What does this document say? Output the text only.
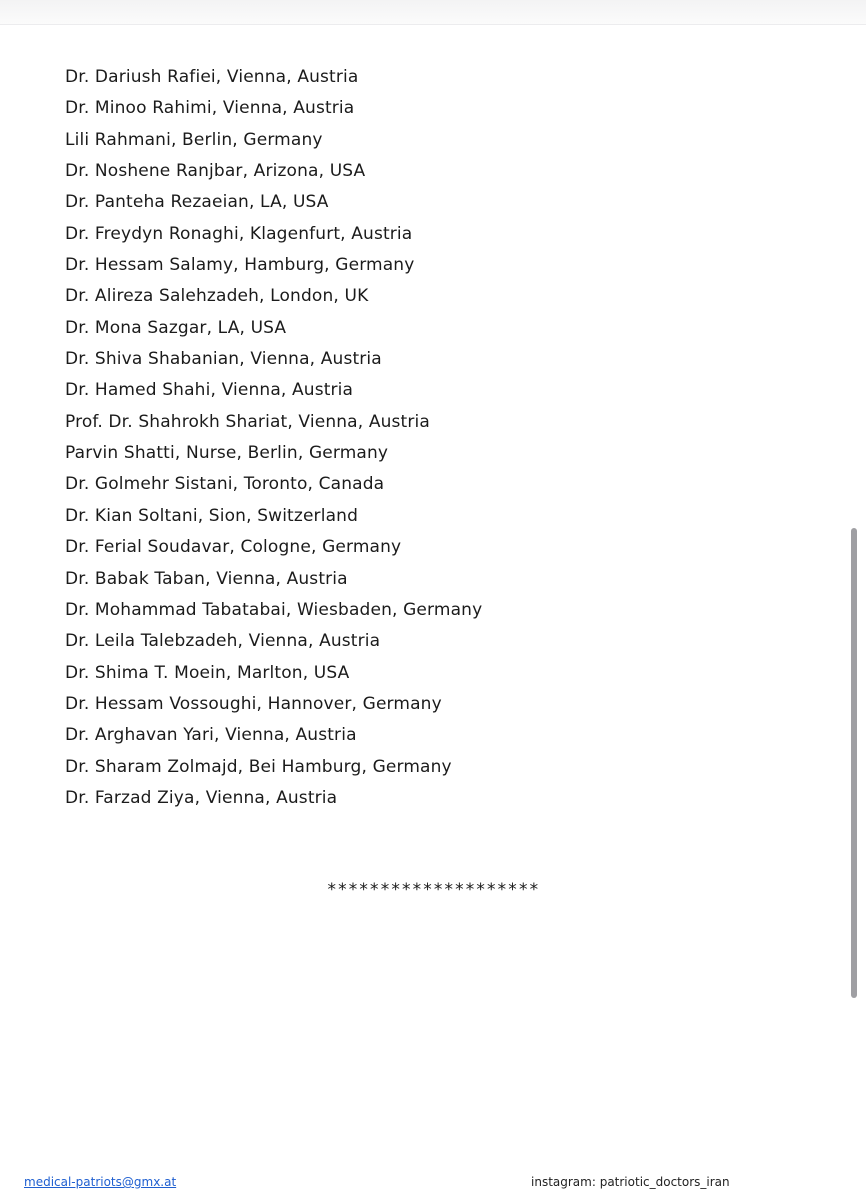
Dr. Dariush Rafiei, Vienna, Austria
Dr. Minoo Rahimi, Vienna, Austria
Lili Rahmani, Berlin, Germany
Dr. Noshene Ranjbar, Arizona, USA
Dr. Panteha Rezaeian, LA, USA
Dr. Freydyn Ronaghi, Klagenfurt, Austria
Dr. Hessam Salamy, Hamburg, Germany
Dr. Alireza Salehzadeh, London, UK
Dr. Mona Sazgar, LA, USA
Dr. Shiva Shabanian, Vienna, Austria
Dr. Hamed Shahi, Vienna, Austria
Prof. Dr. Shahrokh Shariat, Vienna, Austria
Parvin Shatti, Nurse, Berlin, Germany
Dr. Golmehr Sistani, Toronto, Canada
Dr. Kian Soltani, Sion, Switzerland
Dr. Ferial Soudavar, Cologne, Germany
Dr. Babak Taban, Vienna, Austria
Dr. Mohammad Tabatabai, Wiesbaden, Germany
Dr. Leila Talebzadeh, Vienna, Austria
Dr. Shima T. Moein, Marlton, USA
Dr. Hessam Vossoughi, Hannover, Germany
Dr. Arghavan Yari, Vienna, Austria
Dr. Sharam Zolmajd, Bei Hamburg, Germany
Dr. Farzad Ziya, Vienna, Austria
********************
medical-patriots@gmx.at	instagram: patriotic_doctors_iran
